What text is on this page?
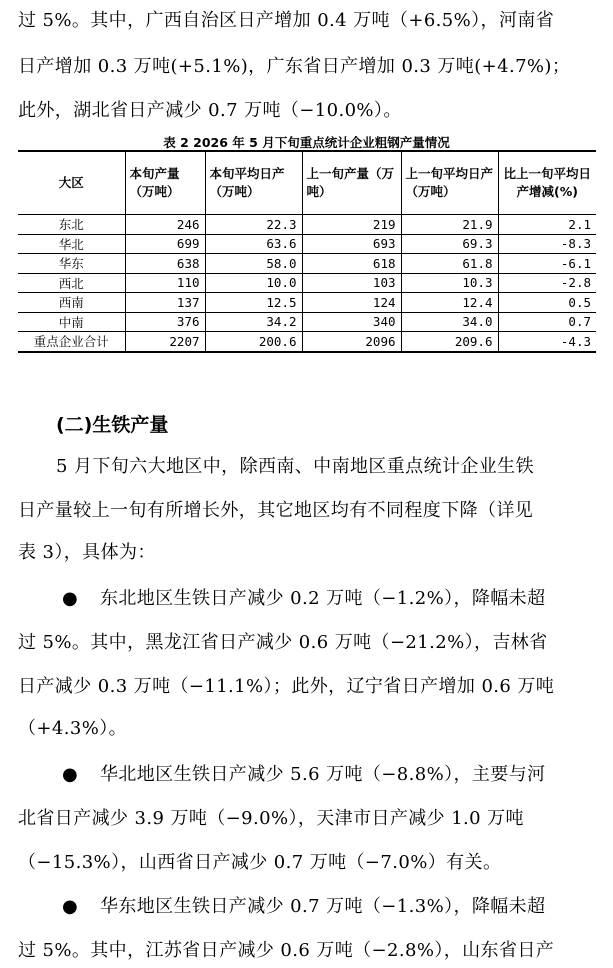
过 5%。其中，广西自治区日产增加 0.4 万吨（+6.5%），河南省
日产增加 0.3 万吨(+5.1%)，广东省日产增加 0.3 万吨(+4.7%)；
此外，湖北省日产减少 0.7 万吨（−10.0%）。
表 2 2026 年 5 月下旬重点统计企业粗钢产量情况
大区	本旬产量（万吨）	本旬平均日产（万吨）	上一旬产量（万吨）	上一旬平均日产（万吨）	比上一旬平均日产增减(%)
东北	246	22.3	219	21.9	2.1
华北	699	63.6	693	69.3	-8.3
华东	638	58.0	618	61.8	-6.1
西北	110	10.0	103	10.3	-2.8
西南	137	12.5	124	12.4	0.5
中南	376	34.2	340	34.0	0.7
重点企业合计	2207	200.6	2096	209.6	-4.3
(二)生铁产量
5 月下旬六大地区中，除西南、中南地区重点统计企业生铁
日产量较上一旬有所增长外，其它地区均有不同程度下降（详见
表 3），具体为：
● 东北地区生铁日产减少 0.2 万吨（−1.2%），降幅未超
过 5%。其中，黑龙江省日产减少 0.6 万吨（−21.2%），吉林省
日产减少 0.3 万吨（−11.1%）；此外，辽宁省日产增加 0.6 万吨
（+4.3%）。
● 华北地区生铁日产减少 5.6 万吨（−8.8%），主要与河
北省日产减少 3.9 万吨（−9.0%），天津市日产减少 1.0 万吨
（−15.3%），山西省日产减少 0.7 万吨（−7.0%）有关。
● 华东地区生铁日产减少 0.7 万吨（−1.3%），降幅未超
过 5%。其中，江苏省日产减少 0.6 万吨（−2.8%），山东省日产
